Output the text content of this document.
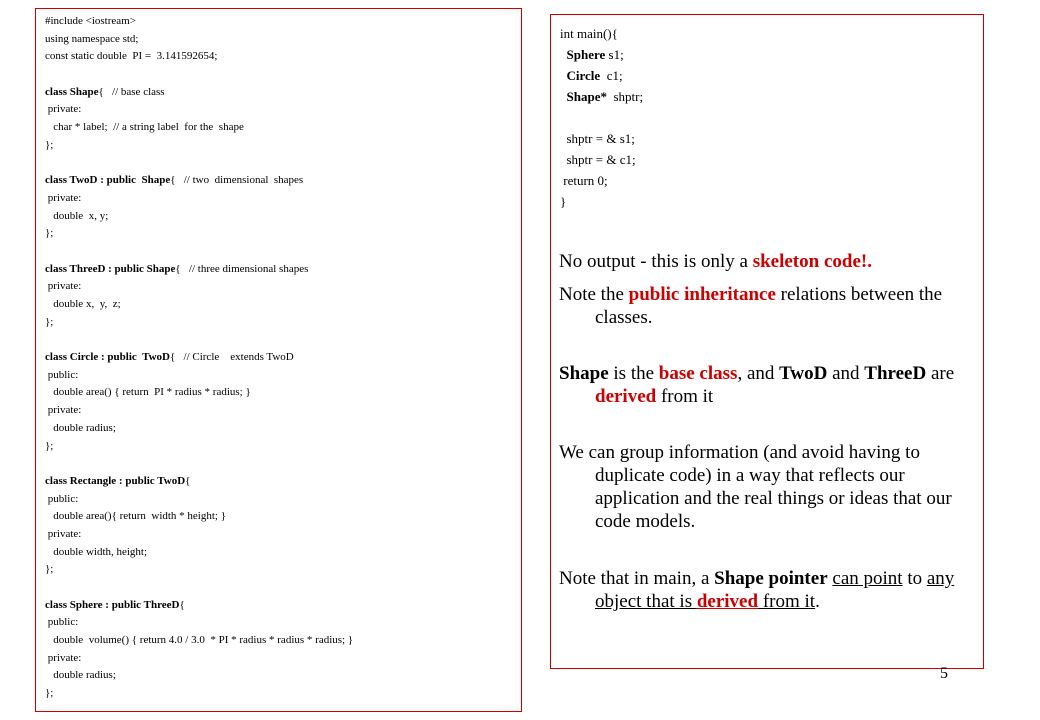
#include <iostream>
using namespace std;
const static double  PI =  3.141592654;
class Shape{   // base class
private:
char * label;  // a string label  for the  shape
};
class TwoD : public  Shape{   // two  dimensional  shapes
private:
double  x, y;
};
class ThreeD : public Shape{   // three dimensional shapes
private:
double x,  y,  z;
};
class Circle : public  TwoD{   // Circle    extends TwoD
public:
double area() { return  PI * radius * radius; }
private:
double radius;
};
class Rectangle : public TwoD{
public:
double area(){ return  width * height; }
private:
double width, height;
};
class Sphere : public ThreeD{
public:
double  volume() { return 4.0 / 3.0  * PI * radius * radius * radius; }
private:
double radius;
};
int main(){
Sphere s1;
Circle  c1;
Shape*  shptr;
shptr = & s1;
shptr = & c1;
return 0;
}
No output - this is only a skeleton code!.
Note the public inheritance relations between the classes.
Shape is the base class, and TwoD and ThreeD are derived from it
We can group information (and avoid having to duplicate code) in a way that reflects our application and the real things or ideas that our code models.
Note that in main, a Shape pointer can point to any object that is derived from it.
5
